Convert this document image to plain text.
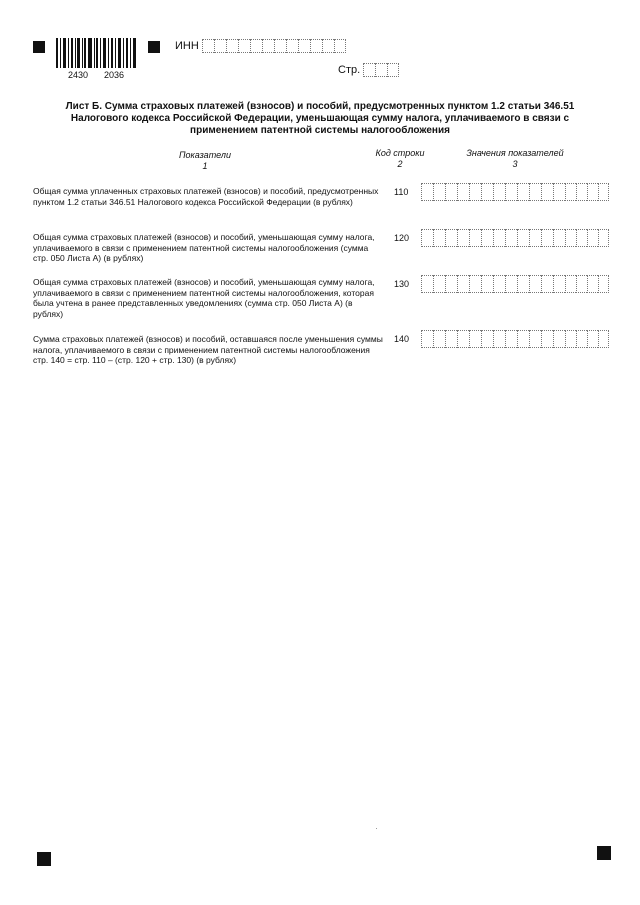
2430 2036
ИНН
Стр.
Лист Б. Сумма страховых платежей (взносов) и пособий, предусмотренных пунктом 1.2 статьи 346.51 Налогового кодекса Российской Федерации, уменьшающая сумму налога, уплачиваемого в связи с применением патентной системы налогообложения
Показатели
1
Код строки
2
Значения показателей
3
Общая сумма уплаченных страховых платежей (взносов) и пособий, предусмотренных пунктом 1.2 статьи 346.51 Налогового кодекса Российской Федерации (в рублях)
110
Общая сумма страховых платежей (взносов) и пособий, уменьшающая сумму налога, уплачиваемого в связи с применением патентной системы налогообложения (сумма стр. 050 Листа А) (в рублях)
120
Общая сумма страховых платежей (взносов) и пособий, уменьшающая сумму налога, уплачиваемого в связи с применением патентной системы налогообложения, которая была учтена в ранее представленных уведомлениях (сумма стр. 050 Листа А) (в рублях)
130
Сумма страховых платежей (взносов) и пособий, оставшаяся после уменьшения суммы налога, уплачиваемого в связи с применением патентной системы налогообложения стр. 140 = стр. 110 – (стр. 120 + стр. 130) (в рублях)
140
